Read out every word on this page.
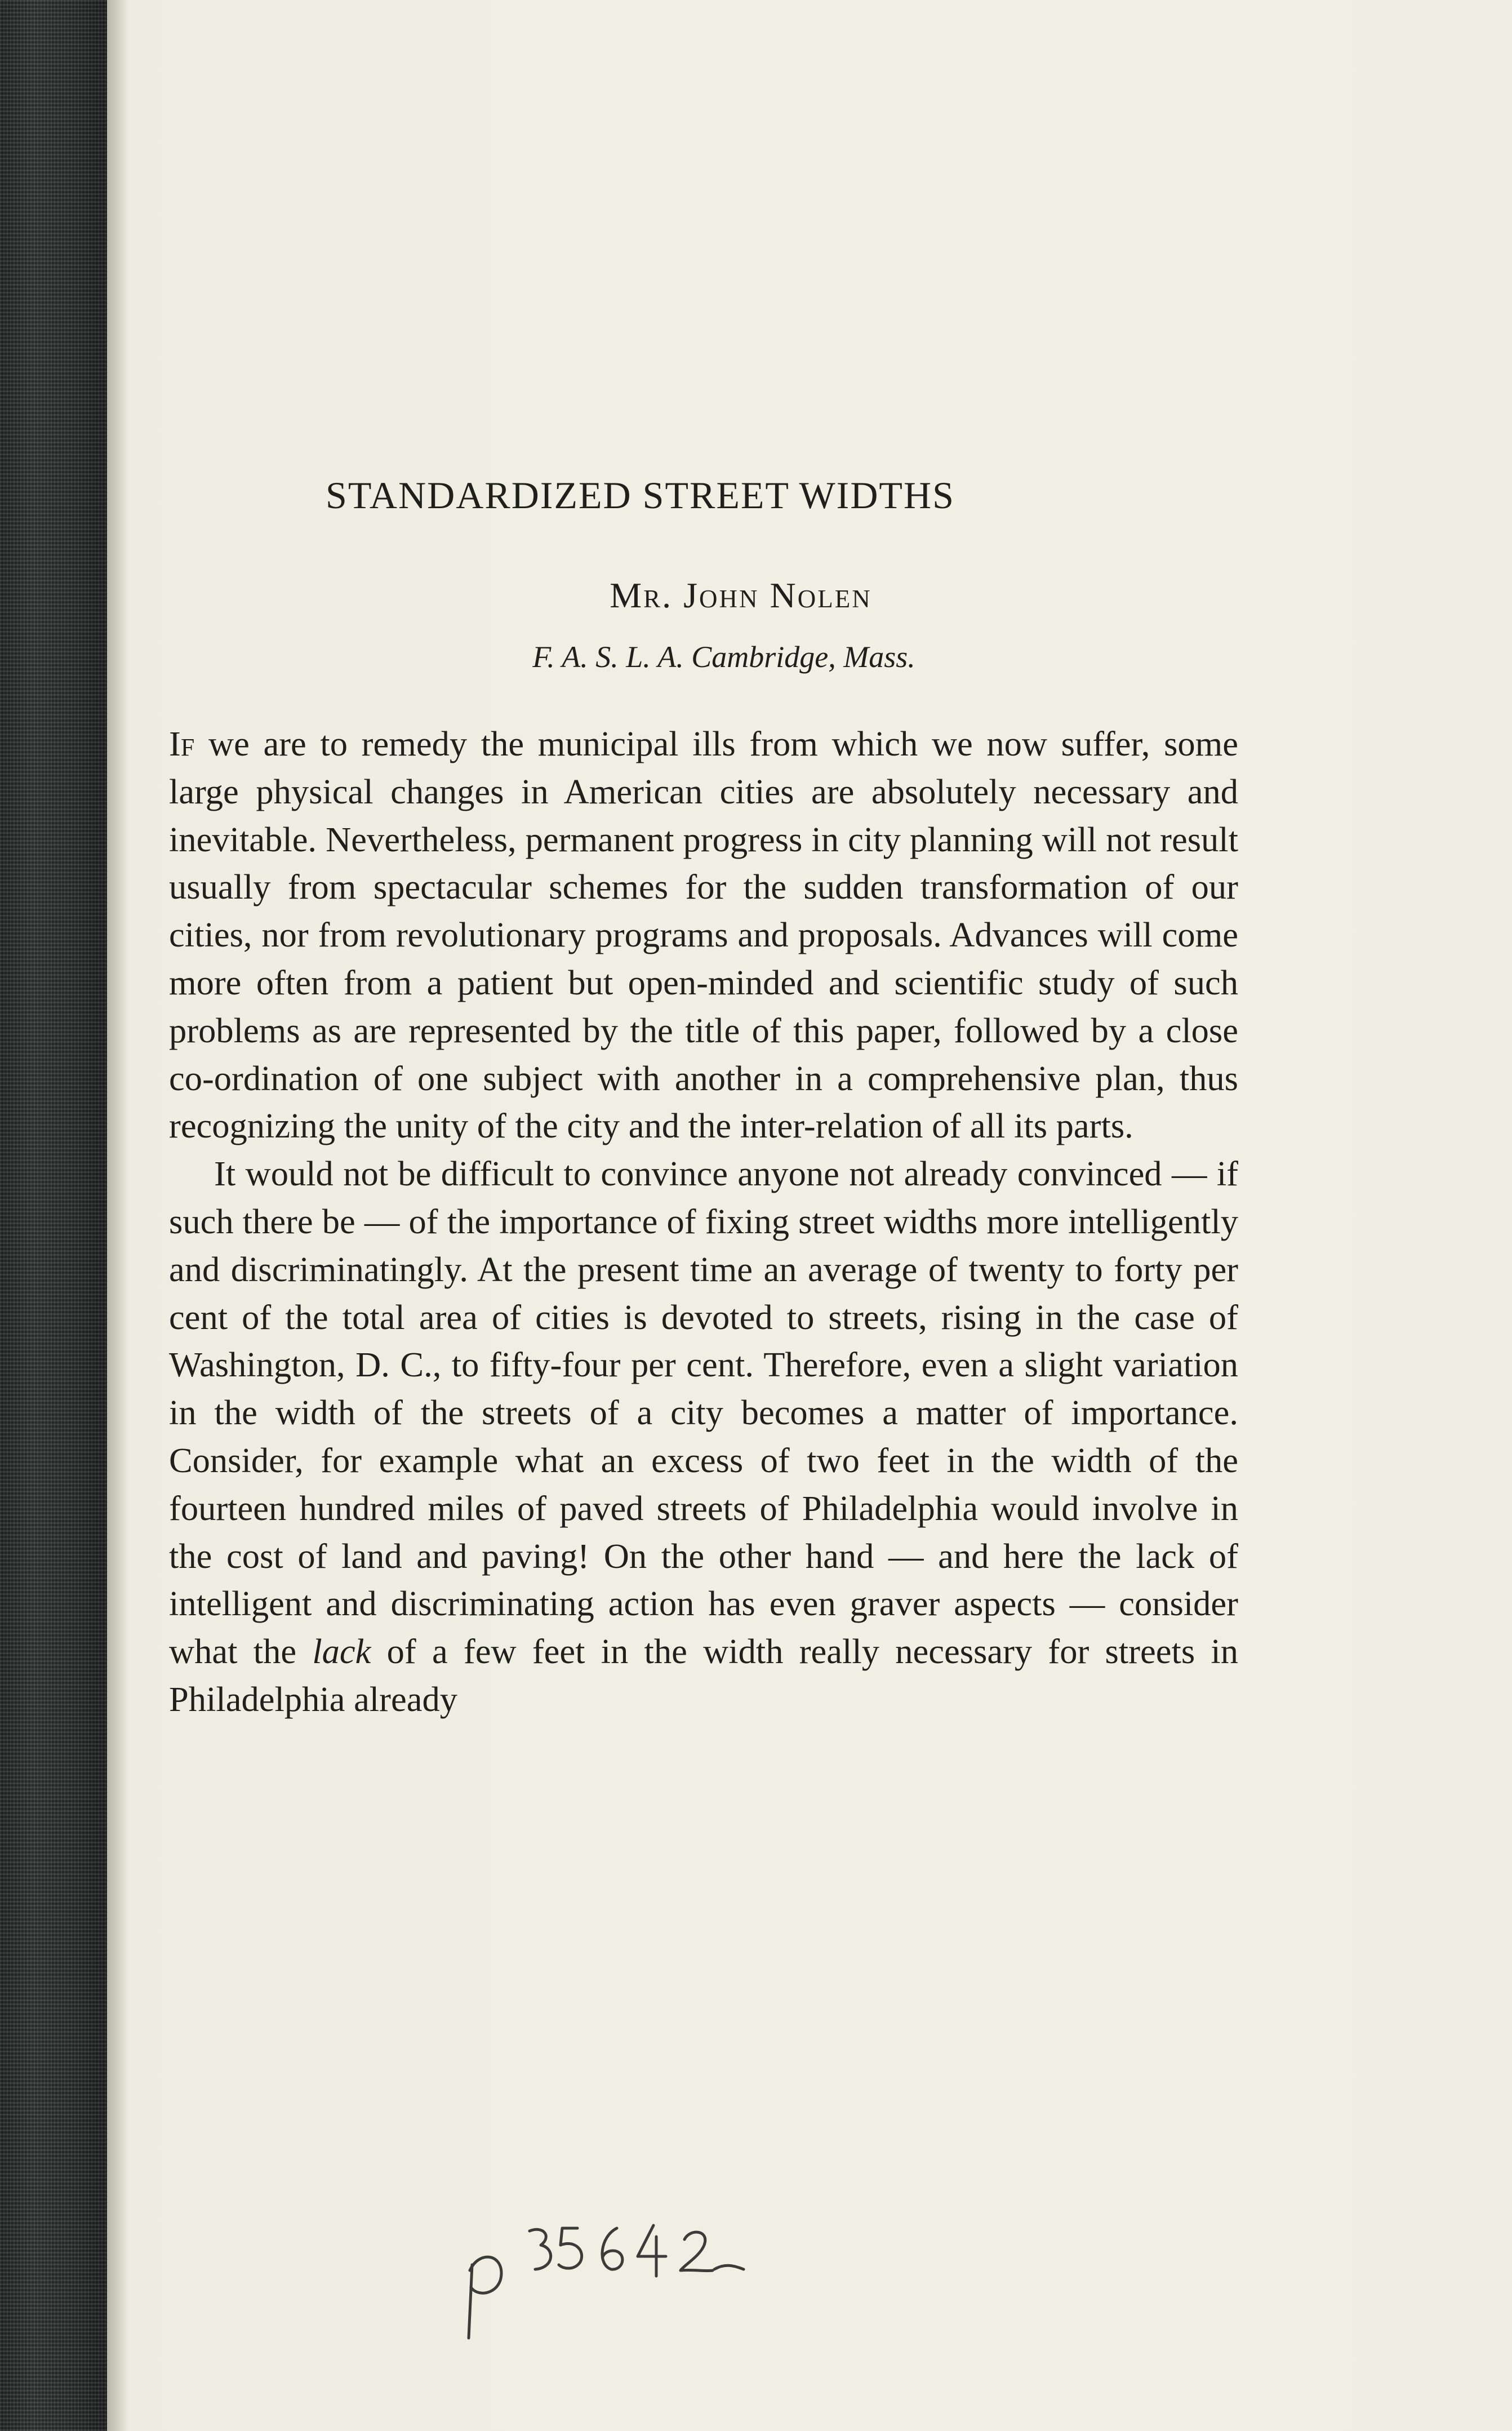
STANDARDIZED STREET WIDTHS
Mr. John Nolen
F. A. S. L. A. Cambridge, Mass.

If we are to remedy the municipal ills from which we now suffer, some large physical changes in American cities are absolutely necessary and inevitable. Nevertheless, permanent progress in city planning will not result usually from spectacular schemes for the sudden transformation of our cities, nor from revolutionary programs and proposals. Advances will come more often from a patient but open-minded and scientific study of such problems as are represented by the title of this paper, followed by a close co-ordination of one subject with another in a comprehensive plan, thus recognizing the unity of the city and the inter-relation of all its parts.

It would not be difficult to convince anyone not already convinced — if such there be — of the importance of fixing street widths more intelligently and discriminatingly. At the present time an average of twenty to forty per cent of the total area of cities is devoted to streets, rising in the case of Washington, D. C., to fifty-four per cent. Therefore, even a slight variation in the width of the streets of a city becomes a matter of importance. Consider, for example what an excess of two feet in the width of the fourteen hundred miles of paved streets of Philadelphia would involve in the cost of land and paving! On the other hand — and here the lack of intelligent and discriminating action has even graver aspects — consider what the lack of a few feet in the width really necessary for streets in Philadelphia already
